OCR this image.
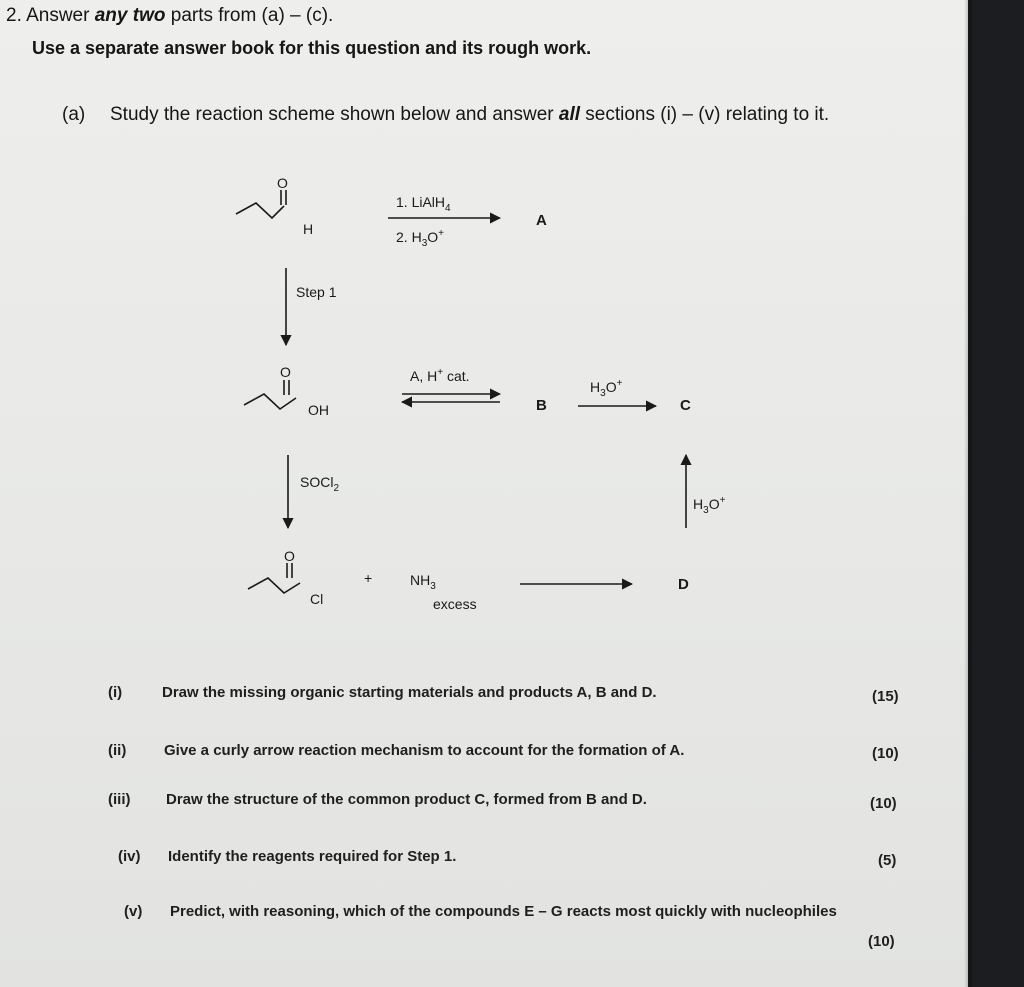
2. Answer any two parts from (a) – (c).
Use a separate answer book for this question and its rough work.
(a) Study the reaction scheme shown below and answer all sections (i) – (v) relating to it.
O
H
1. LiAlH$_4$
2. $H_3O^+$
A
Step 1
O
OH
A, H+ cat.
B
$H_3O^+$
C
SOCl$_2$
$H_3O^+$
O
Cl
+	$NH_3$
excess
D
(i)	Draw the missing organic starting materials and products A, B and D.	(15)
(ii)	Give a curly arrow reaction mechanism to account for the formation of A.	(10)
(iii) Draw the structure of the common product C, formed from B and D.	(10)
(iv) Identify the reagents required for Step 1.	(5)
(v) Predict, with reasoning, which of the compounds E – G reacts most quickly with nucleophiles
(10)
